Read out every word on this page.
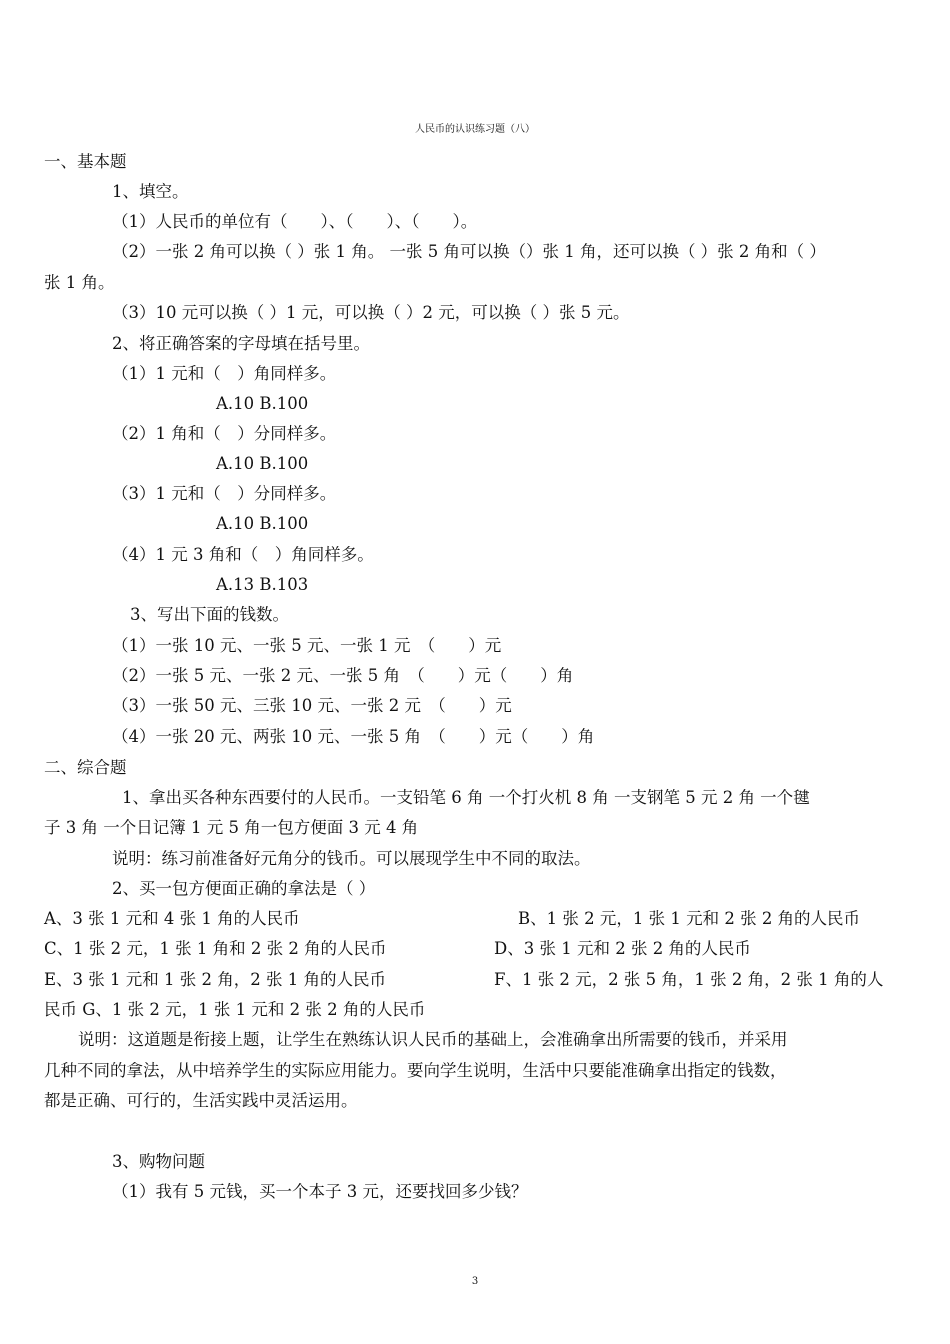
人民币的认识练习题（八）
一、基本题
1、填空。
（1）人民币的单位有（　　）、（　　）、（　　）。
（2）一张 2 角可以换（ ）张 1 角。 一张 5 角可以换（）张 1 角，还可以换（ ）张 2 角和（ ）
张 1 角。
（3）10 元可以换（ ）1 元，可以换（ ）2 元，可以换（ ）张 5 元。
2、将正确答案的字母填在括号里。
（1）1 元和（　）角同样多。
A.10 B.100
（2）1 角和（　）分同样多。
A.10 B.100
（3）1 元和（　）分同样多。
A.10 B.100
（4）1 元 3 角和（　）角同样多。
A.13 B.103
3、写出下面的钱数。
（1）一张 10 元、一张 5 元、一张 1 元　（　　）元
（2）一张 5 元、一张 2 元、一张 5 角　（　　）元（　　）角
（3）一张 50 元、三张 10 元、一张 2 元　（　　）元
（4）一张 20 元、两张 10 元、一张 5 角　（　　）元（　　）角
二、综合题
1、拿出买各种东西要付的人民币。一支铅笔 6 角 一个打火机 8 角 一支钢笔 5 元 2 角 一个毽
子 3 角 一个日记簿 1 元 5 角一包方便面 3 元 4 角
说明：练习前准备好元角分的钱币。可以展现学生中不同的取法。
2、买一包方便面正确的拿法是（ ）
A、3 张 1 元和 4 张 1 角的人民币	B、1 张 2 元，1 张 1 元和 2 张 2 角的人民币
C、1 张 2 元，1 张 1 角和 2 张 2 角的人民币	D、3 张 1 元和 2 张 2 角的人民币
E、3 张 1 元和 1 张 2 角，2 张 1 角的人民币	F、1 张 2 元，2 张 5 角，1 张 2 角，2 张 1 角的人
民币 G、1 张 2 元，1 张 1 元和 2 张 2 角的人民币
说明：这道题是衔接上题，让学生在熟练认识人民币的基础上，会准确拿出所需要的钱币，并采用
几种不同的拿法，从中培养学生的实际应用能力。要向学生说明，生活中只要能准确拿出指定的钱数，
都是正确、可行的，生活实践中灵活运用。
3、购物问题
（1）我有 5 元钱，买一个本子 3 元，还要找回多少钱？
3
